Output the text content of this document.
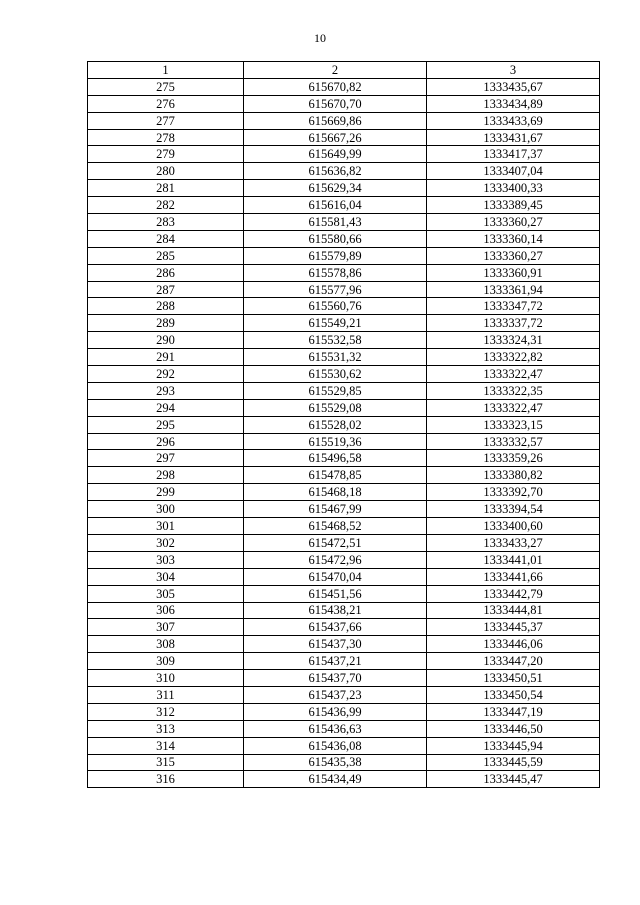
10
1	2	3
275	615670,82	1333435,67
276	615670,70	1333434,89
277	615669,86	1333433,69
278	615667,26	1333431,67
279	615649,99	1333417,37
280	615636,82	1333407,04
281	615629,34	1333400,33
282	615616,04	1333389,45
283	615581,43	1333360,27
284	615580,66	1333360,14
285	615579,89	1333360,27
286	615578,86	1333360,91
287	615577,96	1333361,94
288	615560,76	1333347,72
289	615549,21	1333337,72
290	615532,58	1333324,31
291	615531,32	1333322,82
292	615530,62	1333322,47
293	615529,85	1333322,35
294	615529,08	1333322,47
295	615528,02	1333323,15
296	615519,36	1333332,57
297	615496,58	1333359,26
298	615478,85	1333380,82
299	615468,18	1333392,70
300	615467,99	1333394,54
301	615468,52	1333400,60
302	615472,51	1333433,27
303	615472,96	1333441,01
304	615470,04	1333441,66
305	615451,56	1333442,79
306	615438,21	1333444,81
307	615437,66	1333445,37
308	615437,30	1333446,06
309	615437,21	1333447,20
310	615437,70	1333450,51
311	615437,23	1333450,54
312	615436,99	1333447,19
313	615436,63	1333446,50
314	615436,08	1333445,94
315	615435,38	1333445,59
316	615434,49	1333445,47
